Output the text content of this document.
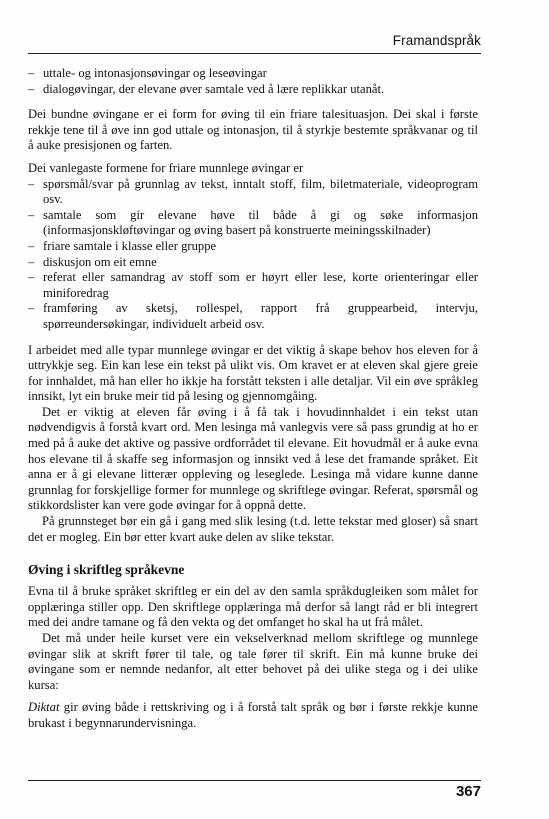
Framandspråk
– uttale- og intonasjonsøvingar og leseøvingar
– dialogøvingar, der elevane øver samtale ved å lære replikkar utanåt.

Dei bundne øvingane er ei form for øving til ein friare talesituasjon. Dei skal i første rekkje tene til å øve inn god uttale og intonasjon, til å styrkje bestemte språkvanar og til å auke presisjonen og farten.

Dei vanlegaste formene for friare munnlege øvingar er

– spørsmål/svar på grunnlag av tekst, inntalt stoff, film, biletmateriale, videoprogram osv.
– samtale som gir elevane høve til både å gi og søke informasjon (informasjonskløftøvingar og øving basert på konstruerte meiningsskilnader)
– friare samtale i klasse eller gruppe
– diskusjon om eit emne
– referat eller samandrag av stoff som er høyrt eller lese, korte orienteringar eller miniforedrag
– framføring av sketsj, rollespel, rapport frå gruppearbeid, intervju, spørreundersøkingar, individuelt arbeid osv.

I arbeidet med alle typar munnlege øvingar er det viktig å skape behov hos eleven for å uttrykkje seg. Ein kan lese ein tekst på ulikt vis. Om kravet er at eleven skal gjere greie for innhaldet, må han eller ho ikkje ha forstått teksten i alle detaljar. Vil ein øve språkleg innsikt, lyt ein bruke meir tid på lesing og gjennomgåing.

Det er viktig at eleven får øving i å få tak i hovudinnhaldet i ein tekst utan nødvendigvis å forstå kvart ord. Men lesinga må vanlegvis vere så pass grundig at ho er med på å auke det aktive og passive ordforrådet til elevane. Eit hovudmål er å auke evna hos elevane til å skaffe seg informasjon og innsikt ved å lese det framande språket. Eit anna er å gi elevane litterær oppleving og leseglede. Lesinga må vidare kunne danne grunnlag for forskjellige former for munnlege og skriftlege øvingar. Referat, spørsmål og stikkordslister kan vere gode øvingar for å oppnå dette.

På grunnsteget bør ein gå i gang med slik lesing (t.d. lette tekstar med gloser) så snart det er mogleg. Ein bør etter kvart auke delen av slike tekstar.

Øving i skriftleg språkevne

Evna til å bruke språket skriftleg er ein del av den samla språkdugleiken som målet for opplæringa stiller opp. Den skriftlege opplæringa må derfor så langt råd er bli integrert med dei andre tamane og få den vekta og det omfanget ho skal ha ut frå målet.

Det må under heile kurset vere ein vekselverknad mellom skriftlege og munnlege øvingar slik at skrift fører til tale, og tale fører til skrift. Ein må kunne bruke dei øvingane som er nemnde nedanfor, alt etter behovet på dei ulike stega og i dei ulike kursa:

Diktat gir øving både i rettskriving og i å forstå talt språk og bør i første rekkje kunne brukast i begynnarundervisninga.

367
